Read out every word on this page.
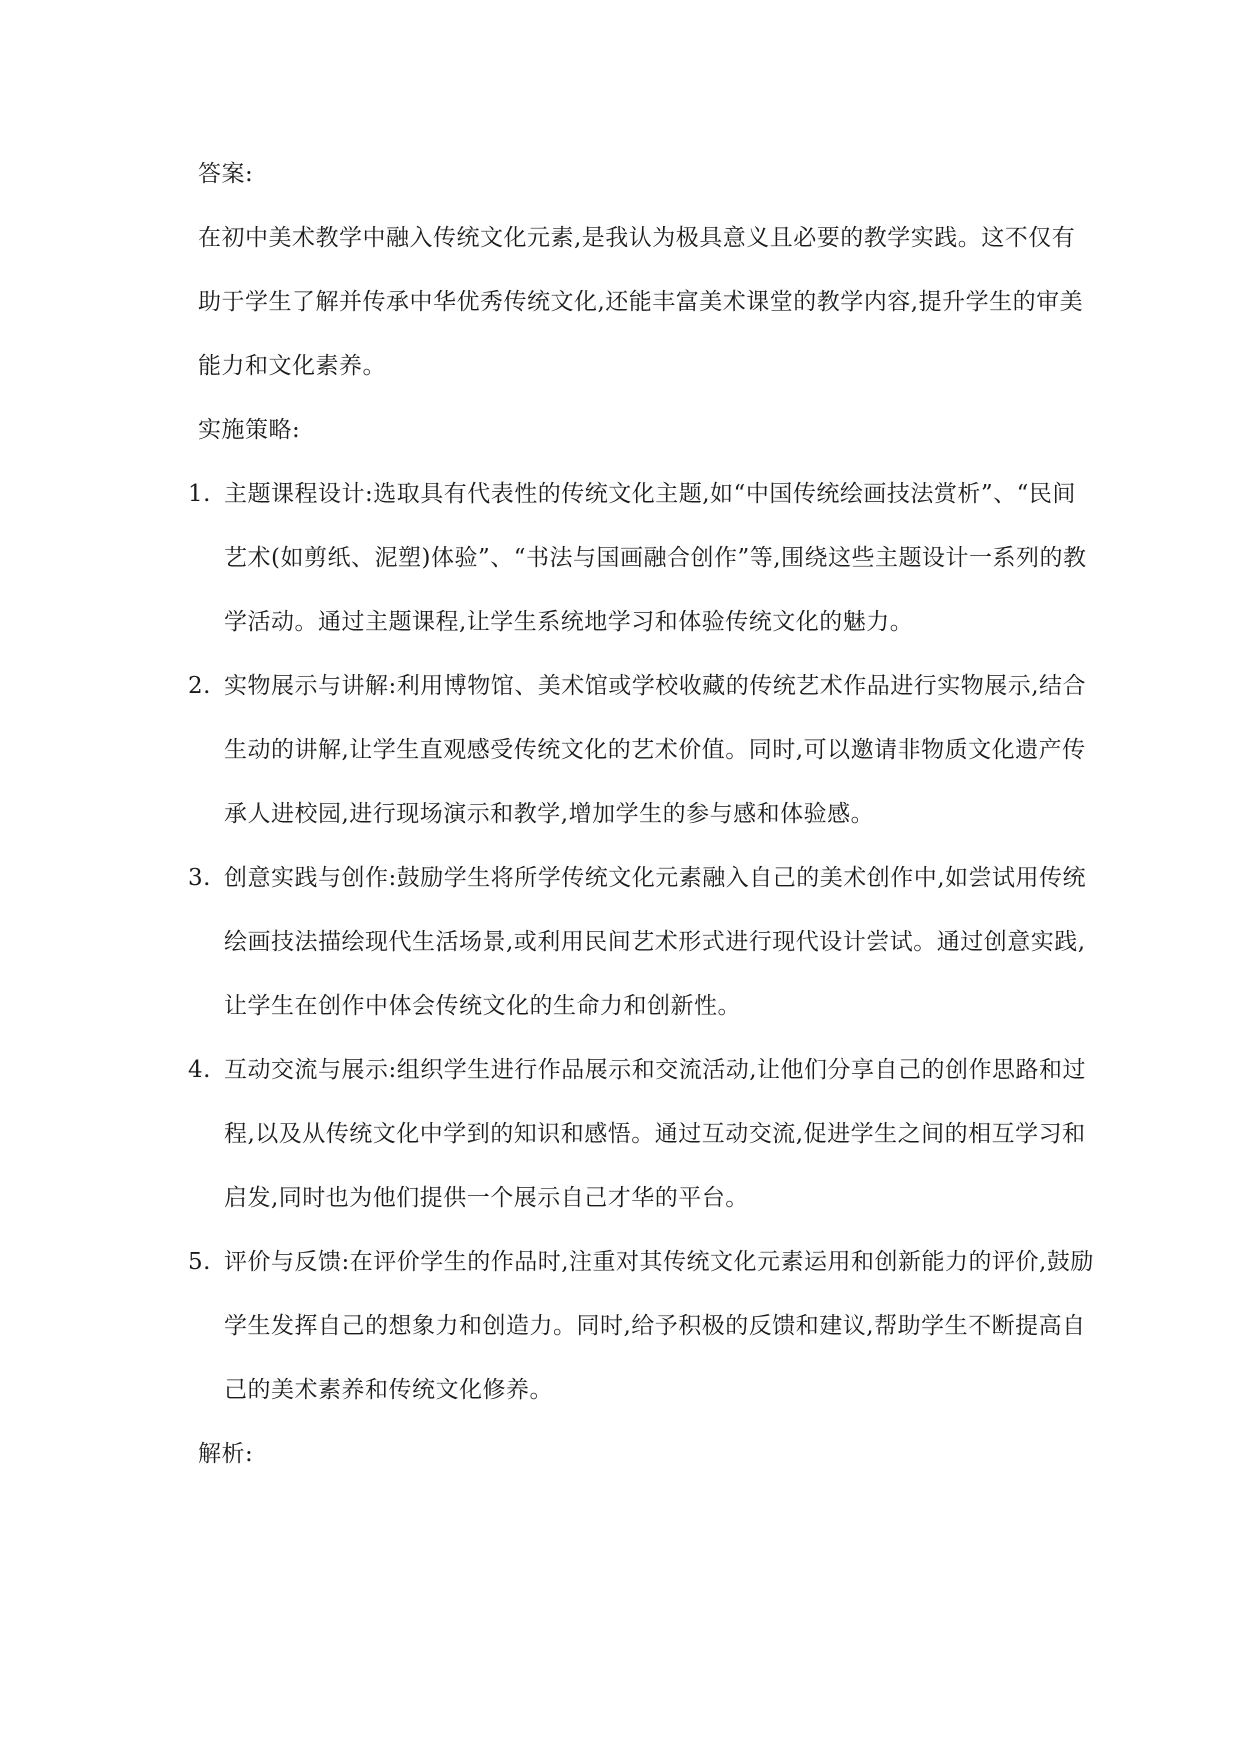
答案:

在初中美术教学中融入传统文化元素,是我认为极具意义且必要的教学实践。这不仅有助于学生了解并传承中华优秀传统文化,还能丰富美术课堂的教学内容,提升学生的审美能力和文化素养。

实施策略:

1. 主题课程设计:选取具有代表性的传统文化主题,如“中国传统绘画技法赏析”、“民间艺术(如剪纸、泥塑)体验”、“书法与国画融合创作”等,围绕这些主题设计一系列的教学活动。通过主题课程,让学生系统地学习和体验传统文化的魅力。
2. 实物展示与讲解:利用博物馆、美术馆或学校收藏的传统艺术作品进行实物展示,结合生动的讲解,让学生直观感受传统文化的艺术价值。同时,可以邀请非物质文化遗产传承人进校园,进行现场演示和教学,增加学生的参与感和体验感。
3. 创意实践与创作:鼓励学生将所学传统文化元素融入自己的美术创作中,如尝试用传统绘画技法描绘现代生活场景,或利用民间艺术形式进行现代设计尝试。通过创意实践,让学生在创作中体会传统文化的生命力和创新性。
4. 互动交流与展示:组织学生进行作品展示和交流活动,让他们分享自己的创作思路和过程,以及从传统文化中学到的知识和感悟。通过互动交流,促进学生之间的相互学习和启发,同时也为他们提供一个展示自己才华的平台。
5. 评价与反馈:在评价学生的作品时,注重对其传统文化元素运用和创新能力的评价,鼓励学生发挥自己的想象力和创造力。同时,给予积极的反馈和建议,帮助学生不断提高自己的美术素养和传统文化修养。

解析:
